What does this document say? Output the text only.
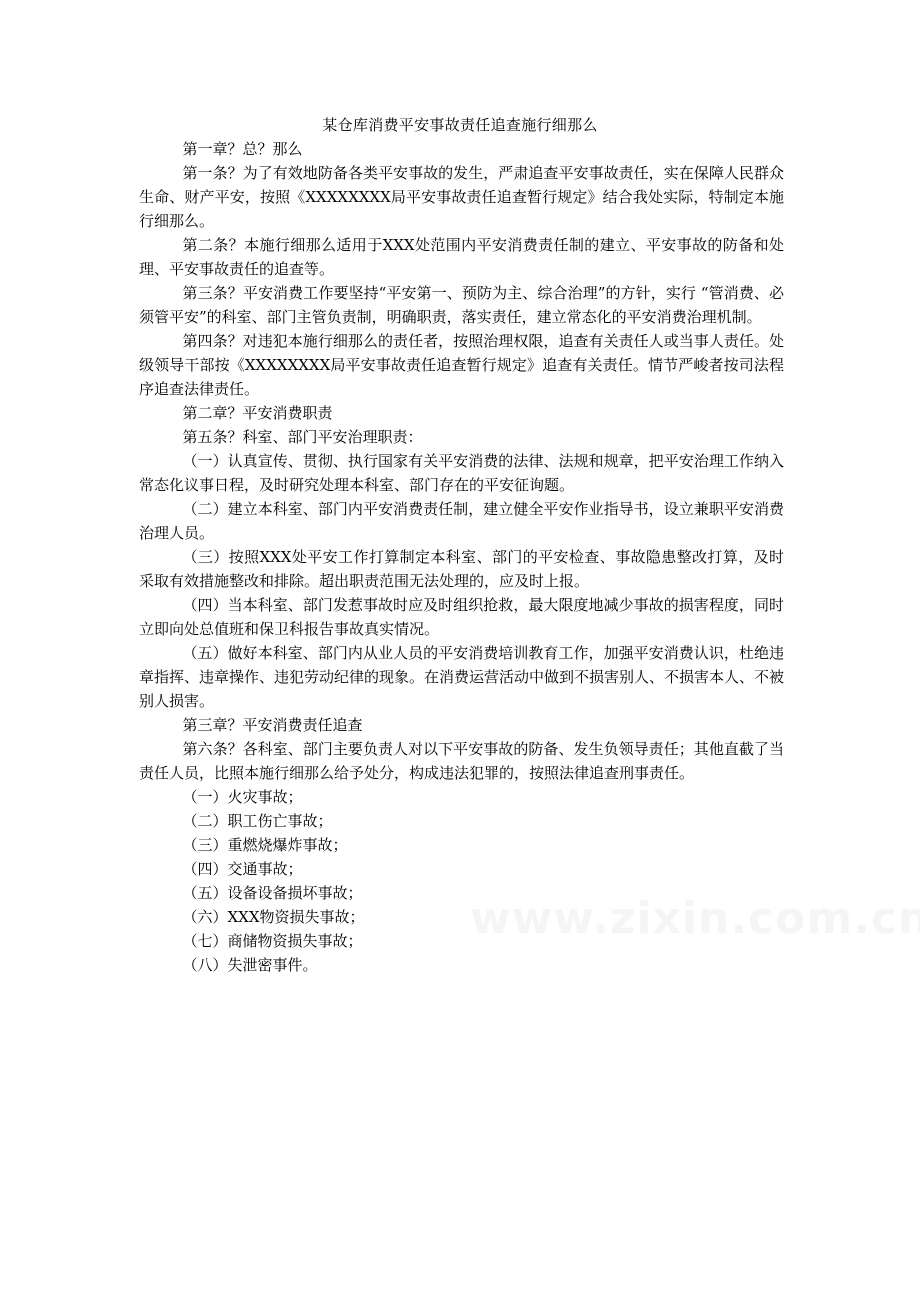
某仓库消费平安事故责任追查施行细那么

第一章？总？那么

第一条？为了有效地防备各类平安事故的发生，严肃追查平安事故责任，实在保障人民群众生命、财产平安，按照《XXXXXXXX局平安事故责任追查暂行规定》结合我处实际，特制定本施行细那么。

第二条？本施行细那么适用于XXX处范围内平安消费责任制的建立、平安事故的防备和处理、平安事故责任的追查等。

第三条？平安消费工作要坚持“平安第一、预防为主、综合治理”的方针，实行 “管消费、必须管平安”的科室、部门主管负责制，明确职责，落实责任，建立常态化的平安消费治理机制。

第四条？对违犯本施行细那么的责任者，按照治理权限，追查有关责任人或当事人责任。处级领导干部按《XXXXXXXX局平安事故责任追查暂行规定》追查有关责任。情节严峻者按司法程序追查法律责任。

第二章？平安消费职责

第五条？科室、部门平安治理职责：

（一）认真宣传、贯彻、执行国家有关平安消费的法律、法规和规章，把平安治理工作纳入常态化议事日程，及时研究处理本科室、部门存在的平安征询题。

（二）建立本科室、部门内平安消费责任制，建立健全平安作业指导书，设立兼职平安消费治理人员。

（三）按照XXX处平安工作打算制定本科室、部门的平安检查、事故隐患整改打算，及时采取有效措施整改和排除。超出职责范围无法处理的，应及时上报。

（四）当本科室、部门发惹事故时应及时组织抢救，最大限度地减少事故的损害程度，同时立即向处总值班和保卫科报告事故真实情况。

（五）做好本科室、部门内从业人员的平安消费培训教育工作，加强平安消费认识，杜绝违章指挥、违章操作、违犯劳动纪律的现象。在消费运营活动中做到不损害别人、不损害本人、不被别人损害。

第三章？平安消费责任追查

第六条？各科室、部门主要负责人对以下平安事故的防备、发生负领导责任；其他直截了当责任人员，比照本施行细那么给予处分，构成违法犯罪的，按照法律追查刑事责任。

（一）火灾事故；

（二）职工伤亡事故；

（三）重燃烧爆炸事故；

（四）交通事故；

（五）设备设备损坏事故；

（六）XXX物资损失事故；

（七）商储物资损失事故；

（八）失泄密事件。
